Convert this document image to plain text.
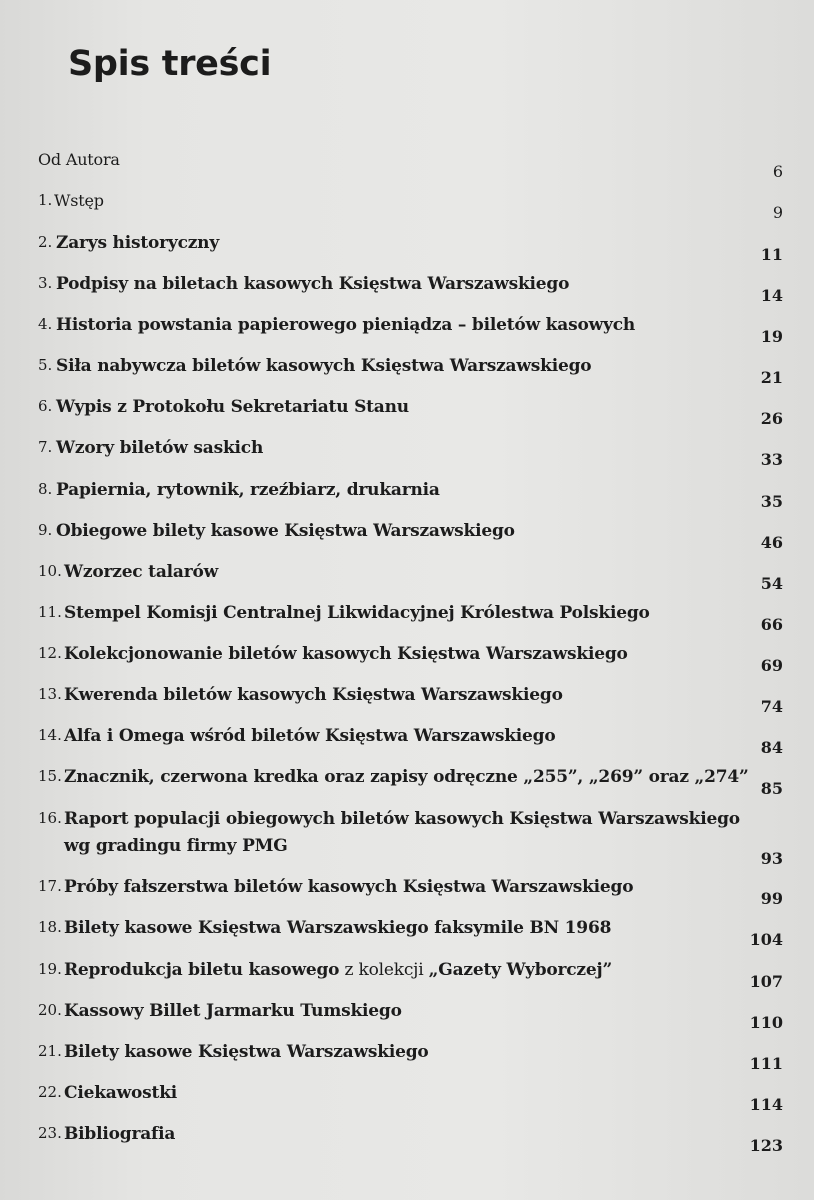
Spis treści
Od Autora
6
1. Wstęp
9
2. Zarys historyczny
11
3. Podpisy na biletach kasowych Księstwa Warszawskiego
14
4. Historia powstania papierowego pieniądza – biletów kasowych
19
5. Siła nabywcza biletów kasowych Księstwa Warszawskiego
21
6. Wypis z Protokołu Sekretariatu Stanu
26
7. Wzory biletów saskich
33
8. Papiernia, rytownik, rzeźbiarz, drukarnia
35
9. Obiegowe bilety kasowe Księstwa Warszawskiego
46
10. Wzorzec talarów
54
11. Stempel Komisji Centralnej Likwidacyjnej Królestwa Polskiego
66
12. Kolekcjonowanie biletów kasowych Księstwa Warszawskiego
69
13. Kwerenda biletów kasowych Księstwa Warszawskiego
74
14. Alfa i Omega wśród biletów Księstwa Warszawskiego
84
15. Znacznik, czerwona kredka oraz zapisy odręczne „255”, „269” oraz „274”
85
16. Raport populacji obiegowych biletów kasowych Księstwa Warszawskiego
wg gradingu firmy PMG
93
17. Próby fałszerstwa biletów kasowych Księstwa Warszawskiego
99
18. Bilety kasowe Księstwa Warszawskiego faksymile BN 1968
104
19. Reprodukcja biletu kasowego z kolekcji „Gazety Wyborczej”
107
20. Kassowy Billet Jarmarku Tumskiego
110
21. Bilety kasowe Księstwa Warszawskiego
111
22. Ciekawostki
114
23. Bibliografia
123
